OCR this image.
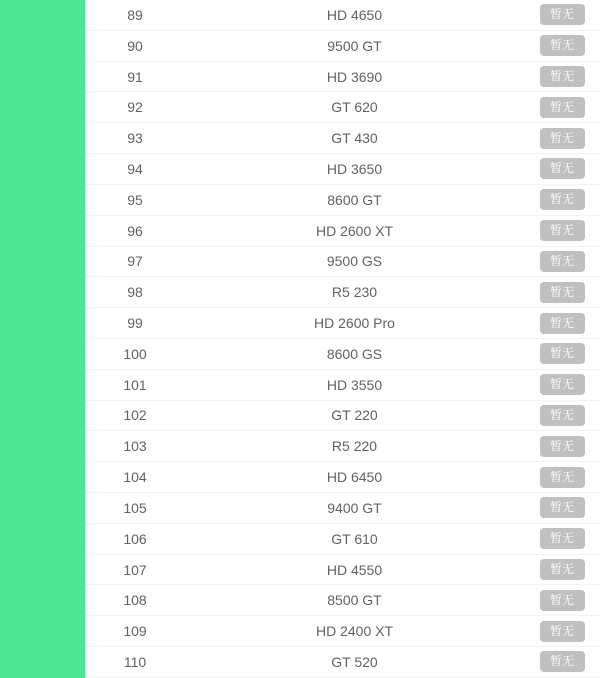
89	HD 4650	暂无
90	9500 GT	暂无
91	HD 3690	暂无
92	GT 620	暂无
93	GT 430	暂无
94	HD 3650	暂无
95	8600 GT	暂无
96	HD 2600 XT	暂无
97	9500 GS	暂无
98	R5 230	暂无
99	HD 2600 Pro	暂无
100	8600 GS	暂无
101	HD 3550	暂无
102	GT 220	暂无
103	R5 220	暂无
104	HD 6450	暂无
105	9400 GT	暂无
106	GT 610	暂无
107	HD 4550	暂无
108	8500 GT	暂无
109	HD 2400 XT	暂无
110	GT 520	暂无
